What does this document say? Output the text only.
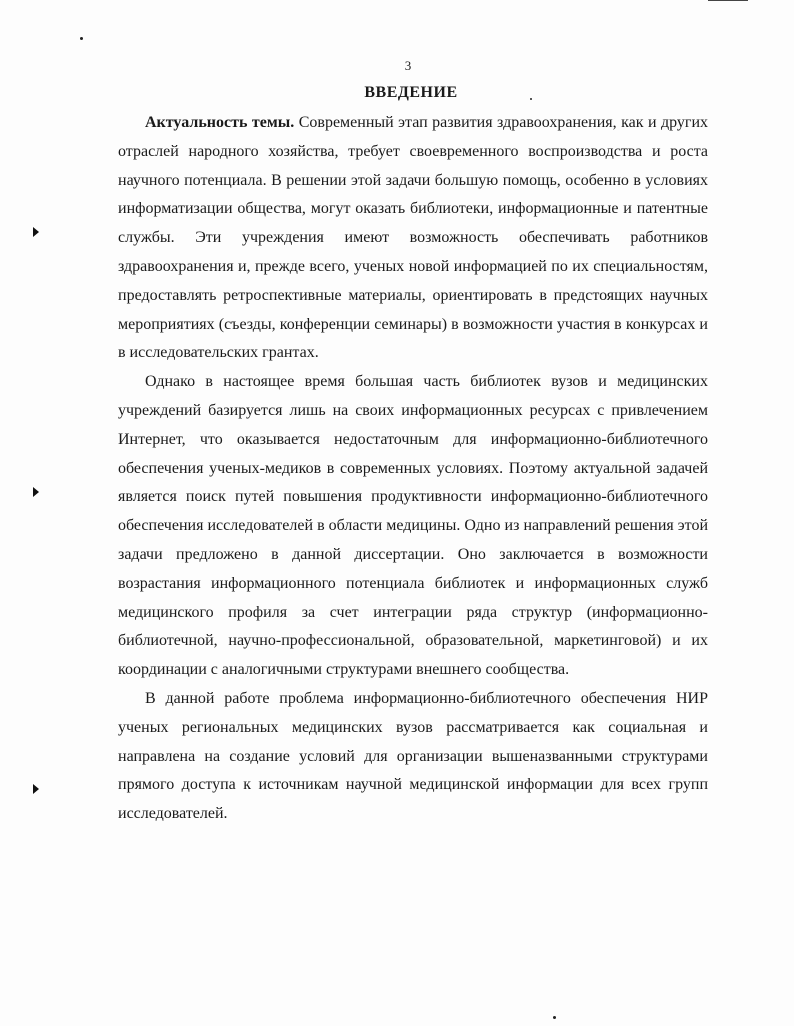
3
ВВЕДЕНИЕ

Актуальность темы. Современный этап развития здравоохранения, как и других отраслей народного хозяйства, требует своевременного воспроизводства и роста научного потенциала. В решении этой задачи большую помощь, особенно в условиях информатизации общества, могут оказать библиотеки, информационные и патентные службы. Эти учреждения имеют возможность обеспечивать работников здравоохранения и, прежде всего, ученых новой информацией по их специальностям, предоставлять ретроспективные материалы, ориентировать в предстоящих научных мероприятиях (съезды, конференции семинары) в возможности участия в конкурсах и в исследовательских грантах.

Однако в настоящее время большая часть библиотек вузов и медицинских учреждений базируется лишь на своих информационных ресурсах с привлечением Интернет, что оказывается недостаточным для информационно-библиотечного обеспечения ученых-медиков в современных условиях. Поэтому актуальной задачей является поиск путей повышения продуктивности информационно-библиотечного обеспечения исследователей в области медицины. Одно из направлений решения этой задачи предложено в данной диссертации. Оно заключается в возможности возрастания информационного потенциала библиотек и информационных служб медицинского профиля за счет интеграции ряда структур (информационно-библиотечной, научно-профессиональной, образовательной, маркетинговой) и их координации с аналогичными структурами внешнего сообщества.

В данной работе проблема информационно-библиотечного обеспечения НИР ученых региональных медицинских вузов рассматривается как социальная и направлена на создание условий для организации вышеназванными структурами прямого доступа к источникам научной медицинской информации для всех групп исследователей.
